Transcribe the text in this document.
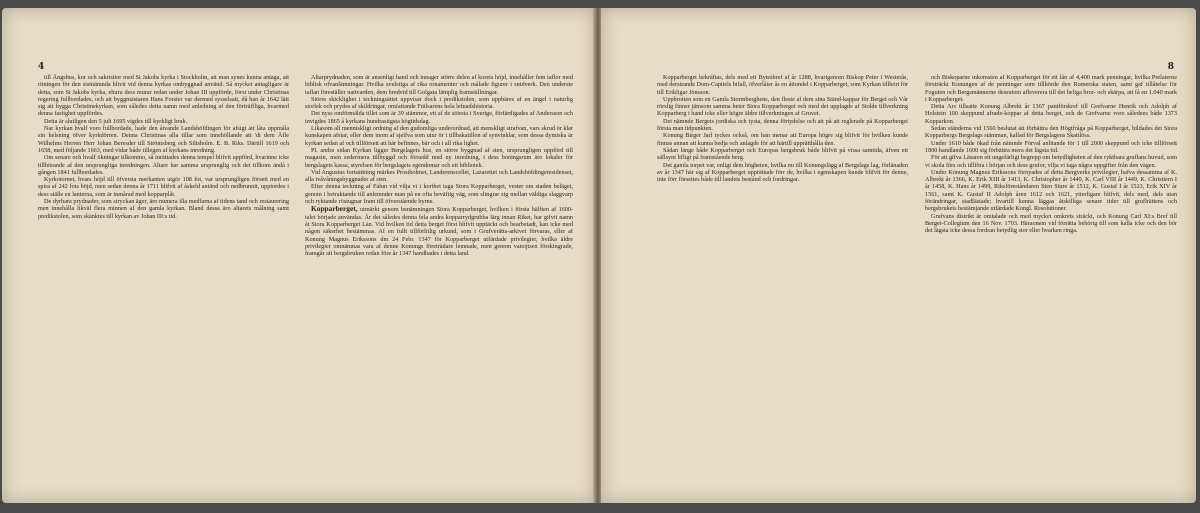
4

till Ängshus, kor och sakristior med St Jakobs kyrka i Stockholm, att man synes kunna antaga, att ritningen för den sistnämnda blivit vid denna kyrkas ombyggnad använd. Så mycket antagligare är detta, som St Jakobs kyrka, ehuru dess murar redan under Johan III uppförde, först under Christinas regering fullbordades, och att byggmästaren Hans Forster var dermed sysselsatt, då han år 1642 lätt sig att bygga Christinekyrkan, som således detta namn med anledning af den förträffliga, hvarmed denna fastighet uppfördes.

Detta är slutligen den 5 juli 1695 vigdes till kyrkligt bruk.

Nar kyrkan hvalf voro fullbordade, hade den åtvande Landshöfdingen för afsigt att låta uppmåla sin helsning öfver kyrkdörren. Denna Christinas alla tillar som innehöllande att 'di dem Äfle Wilhelms Herren Herr Johan Beresder till Strömsberg och Siltsholm. E. B. Riks. Därtill 1619 och 1658, med följande 1663, med vidar både tillegen af kyrkans inredning.

Om senare och hvalf ökningar tilkommo, så inrättades denna tempel blifvit uppförd, hvarinne icke tillhörande af den ursprungliga inredningen. Altare har samma ursprunglig och det tillkom ändå i gången 1841 fullbordades.

Kyrkotornet, hvars höjd till öfversta merkanten utgör 108 fot, var ursprungligen försett med en spira af 242 fots höjd, men sedan denna år 1711 blifvit af åskeld antänd och nedbrunnit, upptordes i dess ställe en lanterna, som är inmårad med kopparplåt.

De dyrbara prydnader, som stryckan äger, äro numera illa medfarna af tidens tand och restaurering men innehålla likväl flera minnen af den gamla kyrkan. Bland dessa äro altarets målning samt predikstolen, som skänktes till kyrkan av Johan III:s tid.

Altarprydnaden, som är ansenligt hand och innager större delen af korets höjd, innehåller fem taflor med biblisk ofvanlämningar. Hvilka svulstiga af rika ornamenter och målade figurer i snidverk. Den underste taflan föreställer nattvarden, dem bredvid till Golgata lämplig framställningar.

Större skicklighet i teckningsättet uppvisar dock i predikstolen, som uppbäres af en ängel i naturlig storlek och prydes af skildringar, omfattande Frälsarens hela lefnadshistoria.

Det nyss omförmälda tillet som är 39 stämmor, ett af de största i Sverige, förfärdigades af Andersson och invigdes 1865 å kyrkans hundrastigsta högtidsdag.

Likasom all menniskligt ordning af den gudomliga underordnad, att menskligt strafvan, vars skrud ör klar kunskapen afstar, eller dem inom af sjelfva som utur ör i tillbakatillon af synvinklar, som dessa dymiska är kyrkan sedan af och tillförsett att här befinnes, bär och i all rika lighet.

Pl. andra sidan Kyrkan ligger Bergslagets hus, en större byggnad af sten, ursprungligen uppförd till magasin, men sedermera tillbyggd och försedd med ny inredning, i dess boningsrum äro lokaler för bergslagets kassa, styrelsen för bergslagets egendomar och ett bibliotek.

Vid Angustus fortsättning märkes Prostholmet, Landerenscellet, Lazarettet och Landshöfdingeresidenset, alla tvåvåningsbyggnader af sten.

Efter denna teckning af Falun vid vilja vi i korthet taga Stora Kopparberget, vester om staden beläget, genom i betraktande till anlemnder man på en ofta beväftig väg, som slingrar sig mellan väldiga slaggvarp och ryktande röstugnar fram till öfverstående byrne.

Kopparberget, utmärkt genom benämningen Stora Kopparberget, hvilken i första hälften af 1600-talet började användas. År det således denna fela andra kopparrydgrubba lärg innan Riket, har gifvit namn åt Stora Kopparberget Län. Vid hvilken tid detta berget först blifvit upptäckt och bearbetadt, kan icke med någon säkerhet bestämmas. Af en fullt tillförlitlig urkund, som i Grufverätts-arkivet förvaras, eller af Konung Magnus Erikssons dm 24 Febr. 1347 för Kopparberget utfärdade privilegier, hvilka äldre privilegier omnämnas vara af denne Konungs företrädare lemnade, men genom vanojtsen förskingrade, framgår att bergsbruken redan före år 1347 handhades i detta land.

8

Kopparberget bekräftas, dels med ett Bytesbref af år 1288, hvarigenom Biskop Peter i Westerås, med derstrande Dom-Capitels bifall, öfverlåter ås en åttondel i Kopparberget, som Kyrkan tillhört för till Erikligar Jönsson.

Uppbrotten som en Gamla Stormberghens, den fleste af dem sina Ständ-kappar för Berget och Vår rörslig finner jämsom samma heter Stora Kopparberget och med det upplagde af Stolde tillverkning Kopparberg i hand icke eller högre äldre tillverkningen af Gruvet.

Det nämnde Bergets jordiska och tysta, denna förtydelse och att på att reglerade på Kopparberget första man tidpunkten.

Konung Birger Jarl tyckes också, om han menar att Europa högre sig blifvit för hvilken kunde finnas annan att kunna bedja och anlagde för att härtill upprätthålla den.

Sådan länge både Kopparberget och Europas bergsbruk både blifvit på vissa samtida, äfven ett sällsynt lifligt på framstående berg.

Det gamla torpet var, enligt dem högheten, hvilka nu till Konungslägg af Bergslags lag, förlänaden av år 1347 här sig af Kopparberget upprättade förr de, hvilka i egenskapen kunde blifvit för denne, inte förr försettes både till landets bestånd och fordringar.

och Biskoparne inkomsten af Kopparberget för ett lån af 4,400 mark penningar, hvilka Prelaterne försträckt Konungen af de penningar som tillhörde den Romerska staten, samt gaf tillåtelse för Foguten och Bergsmännerne dessutom afleverera till det heliga bror- och skärpa, att få en 1.040 mark i Kopparberget.

Detta Ars tillsatte Konung Albrekt år 1367 pantförskref till Grefvarne Henrik och Adolph af Holstein 100 skeppund afrade-koppar af detta berget, och de Grefvarne voro såledees både 1373 Kopparkon.

Sedan ständerna vid 1560 beslutat att förbättra den Högtfråga på Kopparberget, bildades det Stora Kopparbergs Bergslags stämman, kallad för Bergslagens Skattlöss.

Under 1610 både ökad från nämnde Förval anlitande för 1 till 2000 skeppund och icke tillförsett 1800 handlande 1600 sig förbättra mera det lägsta tid.

För att gifva Läsaren ett ungefärligt begrepp om betydligheten af den ryktbara gruflans huvud, som vi skola förs och tillföra i början och dess grufor, vilja vi taga några uppgifter från den vägen.

Under Konung Magnus Erikssons förnyades af detta Bergverks privilegier, hafva dessamma af K. Albrekt år 1366, K. Erik XIII år 1413, K. Christopher år 1449, K. Carl VIII år 1449, K. Christiern I år 1458, K. Hans år 1499, Riksföreståndaren Sten Sture år 1512, K. Gustaf I år 1523, Erik XIV år 1561, samt K. Gustaf II Adolph åren 1612 och 1621, ytterligare blifvit, dels med, dels utan förändringar, stadfästade; hvartill kunna läggas åtskilliga senare tider till gruflrättens och bergsbrukets bestämjande utfärdade Kongl. Resolutioner.

Grufvans distrikt är omtalade och med mycket omkrets sträckt, och Konung Carl XI:s Bref till Berget-Collegium den 16 Nov. 1703. Häraonem vid förrätta behörig till som kalla icke och den bör det lägsta icke dessa fordran betydlig stor eller hvarken ringa.
